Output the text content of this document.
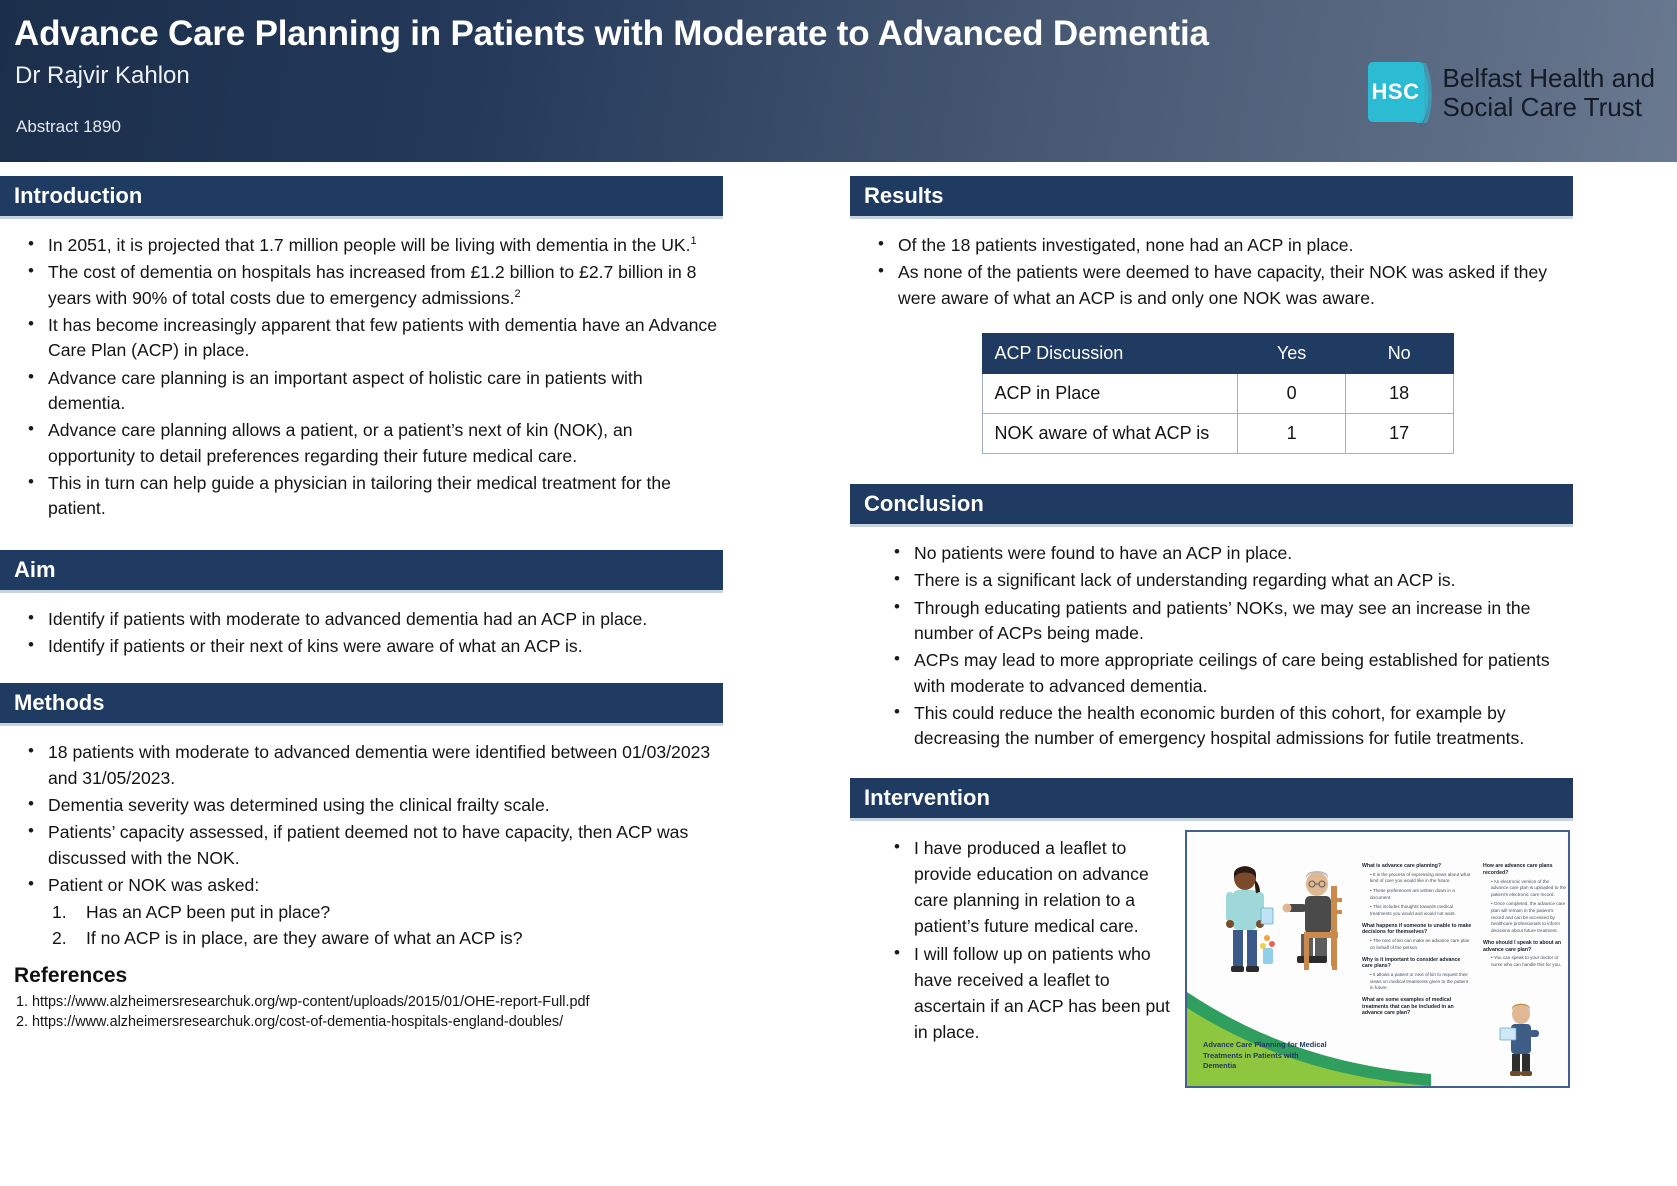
Advance Care Planning in Patients with Moderate to Advanced Dementia
Dr Rajvir Kahlon
Abstract 1890
HSC Belfast Health and
Social Care Trust
Introduction
• In 2051, it is projected that 1.7 million people will be living with dementia in the UK.$^1$
• The cost of dementia on hospitals has increased from £1.2 billion to £2.7 billion in 8 years with 90% of total costs due to emergency admissions.$^2$
• It has become increasingly apparent that few patients with dementia have an Advance Care Plan (ACP) in place.
• Advance care planning is an important aspect of holistic care in patients with dementia.
• Advance care planning allows a patient, or a patient’s next of kin (NOK), an opportunity to detail preferences regarding their future medical care.
• This in turn can help guide a physician in tailoring their medical treatment for the patient.
Aim
• Identify if patients with moderate to advanced dementia had an ACP in place.
• Identify if patients or their next of kins were aware of what an ACP is.
Methods
• 18 patients with moderate to advanced dementia were identified between 01/03/2023 and 31/05/2023.
• Dementia severity was determined using the clinical frailty scale.
• Patients’ capacity assessed, if patient deemed not to have capacity, then ACP was discussed with the NOK.
• Patient or NOK was asked:
1. Has an ACP been put in place?
2. If no ACP is in place, are they aware of what an ACP is?
References
1. https://www.alzheimersresearchuk.org/wp-content/uploads/2015/01/OHE-report-Full.pdf
2. https://www.alzheimersresearchuk.org/cost-of-dementia-hospitals-england-doubles/
Results
• Of the 18 patients investigated, none had an ACP in place.
• As none of the patients were deemed to have capacity, their NOK was asked if they were aware of what an ACP is and only one NOK was aware.
ACP Discussion	Yes	No
ACP in Place	0	18
NOK aware of what ACP is	1	17
Conclusion
• No patients were found to have an ACP in place.
• There is a significant lack of understanding regarding what an ACP is.
• Through educating patients and patients’ NOKs, we may see an increase in the number of ACPs being made.
• ACPs may lead to more appropriate ceilings of care being established for patients with moderate to advanced dementia.
• This could reduce the health economic burden of this cohort, for example by decreasing the number of emergency hospital admissions for futile treatments.
Intervention
• I have produced a leaflet to provide education on advance care planning in relation to a patient’s future medical care.
• I will follow up on patients who have received a leaflet to ascertain if an ACP has been put in place.
What is advance care planning?
• It is the process of expressing views about what kind of care you would like in the future.
• These preferences are written down in a document.
• This includes thoughts towards medical treatments you would and would not want.
What happens if someone is unable to make decisions for themselves?
• The next of kin can make an advance care plan on behalf of the person.
Why is it important to consider advance care plans?
• It allows a patient or next of kin to request their views on medical treatments given to the patient in future.
What are some examples of medical treatments that can be included in an advance care plan?
How are advance care plans recorded?
• An electronic version of the advance care plan is uploaded to the patient’s electronic care record.
• Once completed, the advance care plan will remain in the patient’s record and can be accessed by healthcare professionals to inform decisions about future treatment.
Who should I speak to about an advance care plan?
• You can speak to your doctor or nurse who can handle this for you.
Advance Care Planning for Medical Treatments in Patients with Dementia
